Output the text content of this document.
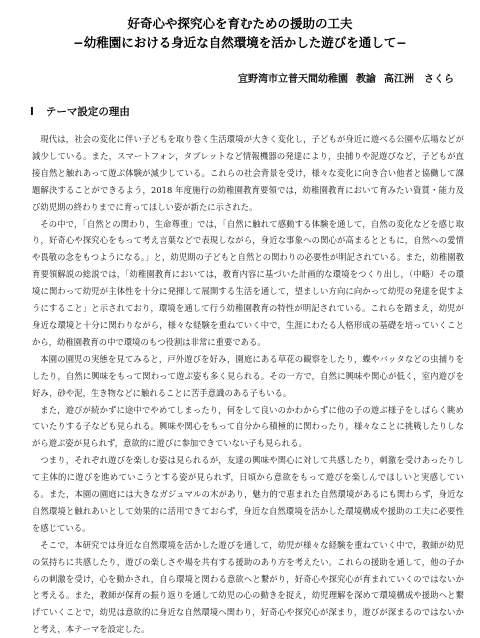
好奇心や探究心を育むための援助の工夫
−幼稚園における身近な自然環境を活かした遊びを通して−
宜野湾市立普天間幼稚園 教諭 高江洲　さくら
Ⅰ テーマ設定の理由

現代は，社会の変化に伴い子どもを取り巻く生活環境が大きく変化し，子どもが身近に遊べる公園や広場などが減少している。また，スマートフォン，タブレットなど情報機器の発達により，虫捕りや泥遊びなど，子どもが直接自然と触れあって遊ぶ体験が減少している。これらの社会背景を受け，様々な変化に向き合い他者と協働して課題解決することができるよう，2018 年度施行の幼稚園教育要領では，幼稚園教育において育みたい資質・能力及び幼児期の終わりまでに育ってほしい姿が新たに示された。

その中で，「自然との関わり，生命尊重」では，「自然に触れて感動する体験を通して，自然の変化などを感じ取り，好奇心や探究心をもって考え言葉などで表現しながら，身近な事象への関心が高まるとともに，自然への愛情や畏敬の念をもつようになる。」と，幼児期の子どもと自然との関わりの必要性が明記されている。また，幼稚園教育要領解説の総説では，「幼稚園教育においては，教育内容に基づいた計画的な環境をつくり出し，（中略）その環境に関わって幼児が主体性を十分に発揮して展開する生活を通して，望ましい方向に向かって幼児の発達を促すようにすること」と示されており，環境を通して行う幼稚園教育の特性が明記されている。これらを踏まえ，幼児が身近な環境と十分に関わりながら，様々な経験を重ねていく中で，生涯にわたる人格形成の基礎を培っていくことから，幼稚園教育の中で環境のもつ役割は非常に重要である。

本園の園児の実態を見てみると，戸外遊びを好み，園庭にある草花の観察をしたり，蝶やバッタなどの虫捕りをしたり，自然に興味をもって関わって遊ぶ姿も多く見られる。その一方で，自然に興味や関心が低く，室内遊びを好み，砂や泥，生き物などに触れることに苦手意識のある子もいる。

また，遊びが続かずに途中でやめてしまったり，何をして良いのかわからずに他の子の遊ぶ様子をしばらく眺めていたりする子なども見られる。興味や関心をもって自分から積極的に関わったり，様々なことに挑戦したりしながら遊ぶ姿が見られず，意欲的に遊びに参加できていない子も見られる。

つまり，それぞれ遊びを楽しむ姿は見られるが，友達の興味や関心に対して共感したり，刺激を受けあったりして主体的に遊びを進めていこうとする姿が見られず，日頃から意欲をもって遊びを楽しんでほしいと実感している。また，本園の園庭には大きなガジュマルの木があり，魅力的で恵まれた自然環境があるにも関わらず，身近な自然環境と触れあいとして効果的に活用できておらず，身近な自然環境を活かした環境構成や援助の工夫に必要性を感じている。

そこで，本研究では身近な自然環境を活かした遊びを通して，幼児が様々な経験を重ねていく中で，教師が幼児の気持ちに共感したり，遊びの楽しさや場を共有する援助のあり方を考えたい。これらの援助を通して，他の子からの刺激を受け，心を動かされ，自ら環境と関わる意欲へと繋がり，好奇心や探究心が育まれていくのではないかと考える。また，教師が保育の振り返りを通して幼児の心の動きを捉え，幼児理解を深めて環境構成や援助へと繋げていくことで，幼児は意欲的に身近な自然環境へ関わり，好奇心や探究心が深まり，遊びが深まるのではないかと考え，本テーマを設定した。
